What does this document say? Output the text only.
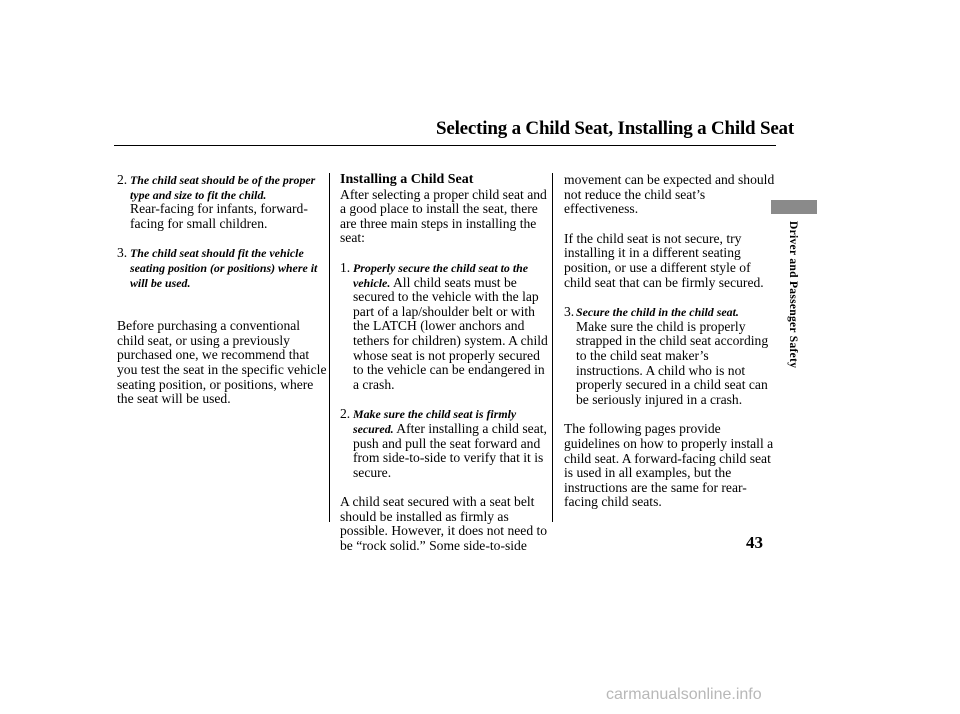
Selecting a Child Seat, Installing a Child Seat
Driver and Passenger Safety
2. The child seat should be of the proper type and size to fit the child.
Rear-facing for infants, forward-facing for small children.
3. The child seat should fit the vehicle seating position (or positions) where it will be used.

Before purchasing a conventional child seat, or using a previously purchased one, we recommend that you test the seat in the specific vehicle seating position, or positions, where the seat will be used.

Installing a Child Seat

After selecting a proper child seat and a good place to install the seat, there are three main steps in installing the seat:

1. Properly secure the child seat to the vehicle. All child seats must be secured to the vehicle with the lap part of a lap/shoulder belt or with the LATCH (lower anchors and tethers for children) system. A child whose seat is not properly secured to the vehicle can be endangered in a crash.
2. Make sure the child seat is firmly secured. After installing a child seat, push and pull the seat forward and from side-to-side to verify that it is secure.

A child seat secured with a seat belt should be installed as firmly as possible. However, it does not need to be “rock solid.” Some side-to-side

movement can be expected and should not reduce the child seat’s effectiveness.

If the child seat is not secure, try installing it in a different seating position, or use a different style of child seat that can be firmly secured.

3. Secure the child in the child seat.
Make sure the child is properly strapped in the child seat according to the child seat maker’s instructions. A child who is not properly secured in a child seat can be seriously injured in a crash.

The following pages provide guidelines on how to properly install a child seat. A forward-facing child seat is used in all examples, but the instructions are the same for rear-facing child seats.

43
carmanualsonline.info
